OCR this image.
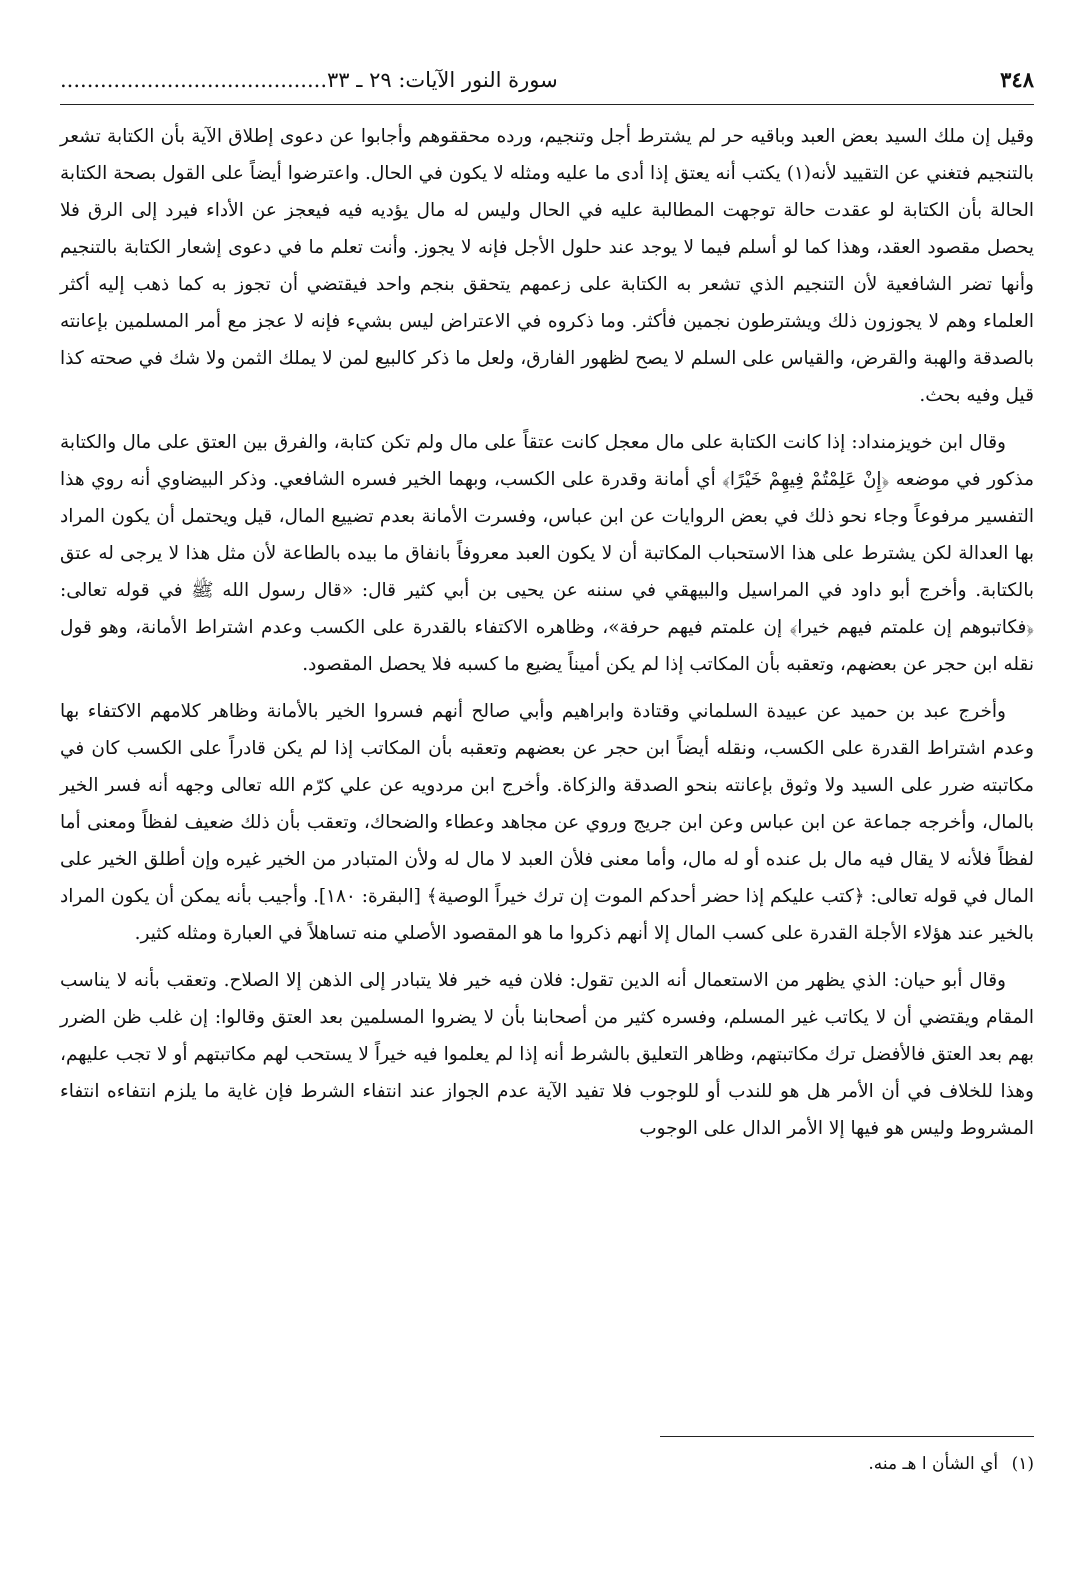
٣٤٨
سورة النور الآيات: ٢٩ ـ ٣٣........................................

وقيل إن ملك السيد بعض العبد وباقيه حر لم يشترط أجل وتنجيم، ورده محققوهم وأجابوا عن دعوى إطلاق الآية بأن الكتابة تشعر بالتنجيم فتغني عن التقييد لأنه(١) يكتب أنه يعتق إذا أدى ما عليه ومثله لا يكون في الحال. واعترضوا أيضاً على القول بصحة الكتابة الحالة بأن الكتابة لو عقدت حالة توجهت المطالبة عليه في الحال وليس له مال يؤديه فيه فيعجز عن الأداء فيرد إلى الرق فلا يحصل مقصود العقد، وهذا كما لو أسلم فيما لا يوجد عند حلول الأجل فإنه لا يجوز. وأنت تعلم ما في دعوى إشعار الكتابة بالتنجيم وأنها تضر الشافعية لأن التنجيم الذي تشعر به الكتابة على زعمهم يتحقق بنجم واحد فيقتضي أن تجوز به كما ذهب إليه أكثر العلماء وهم لا يجوزون ذلك ويشترطون نجمين فأكثر. وما ذكروه في الاعتراض ليس بشيء فإنه لا عجز مع أمر المسلمين بإعانته بالصدقة والهبة والقرض، والقياس على السلم لا يصح لظهور الفارق، ولعل ما ذكر كالبيع لمن لا يملك الثمن ولا شك في صحته كذا قيل وفيه بحث.

وقال ابن خويزمنداد: إذا كانت الكتابة على مال معجل كانت عتقاً على مال ولم تكن كتابة، والفرق بين العتق على مال والكتابة مذكور في موضعه ﴿إِنْ عَلِمْتُمْ فِيهِمْ خَيْرًا﴾ أي أمانة وقدرة على الكسب، وبهما الخير فسره الشافعي. وذكر البيضاوي أنه روي هذا التفسير مرفوعاً وجاء نحو ذلك في بعض الروايات عن ابن عباس، وفسرت الأمانة بعدم تضييع المال، قيل ويحتمل أن يكون المراد بها العدالة لكن يشترط على هذا الاستحباب المكاتبة أن لا يكون العبد معروفاً بانفاق ما بيده بالطاعة لأن مثل هذا لا يرجى له عتق بالكتابة. وأخرج أبو داود في المراسيل والبيهقي في سننه عن يحيى بن أبي كثير قال: «قال رسول الله ﷺ في قوله تعالى: ﴿فكاتبوهم إن علمتم فيهم خيرا﴾ إن علمتم فيهم حرفة»، وظاهره الاكتفاء بالقدرة على الكسب وعدم اشتراط الأمانة، وهو قول نقله ابن حجر عن بعضهم، وتعقبه بأن المكاتب إذا لم يكن أميناً يضيع ما كسبه فلا يحصل المقصود.

وأخرج عبد بن حميد عن عبيدة السلماني وقتادة وابراهيم وأبي صالح أنهم فسروا الخير بالأمانة وظاهر كلامهم الاكتفاء بها وعدم اشتراط القدرة على الكسب، ونقله أيضاً ابن حجر عن بعضهم وتعقبه بأن المكاتب إذا لم يكن قادراً على الكسب كان في مكاتبته ضرر على السيد ولا وثوق بإعانته بنحو الصدقة والزكاة. وأخرج ابن مردويه عن علي كرّم الله تعالى وجهه أنه فسر الخير بالمال، وأخرجه جماعة عن ابن عباس وعن ابن جريج وروي عن مجاهد وعطاء والضحاك، وتعقب بأن ذلك ضعيف لفظاً ومعنى أما لفظاً فلأنه لا يقال فيه مال بل عنده أو له مال، وأما معنى فلأن العبد لا مال له ولأن المتبادر من الخير غيره وإن أطلق الخير على المال في قوله تعالى: ﴿كتب عليكم إذا حضر أحدكم الموت إن ترك خيراً الوصية﴾ [البقرة: ١٨٠]. وأجيب بأنه يمكن أن يكون المراد بالخير عند هؤلاء الأجلة القدرة على كسب المال إلا أنهم ذكروا ما هو المقصود الأصلي منه تساهلاً في العبارة ومثله كثير.

وقال أبو حيان: الذي يظهر من الاستعمال أنه الدين تقول: فلان فيه خير فلا يتبادر إلى الذهن إلا الصلاح. وتعقب بأنه لا يناسب المقام ويقتضي أن لا يكاتب غير المسلم، وفسره كثير من أصحابنا بأن لا يضروا المسلمين بعد العتق وقالوا: إن غلب ظن الضرر بهم بعد العتق فالأفضل ترك مكاتبتهم، وظاهر التعليق بالشرط أنه إذا لم يعلموا فيه خيراً لا يستحب لهم مكاتبتهم أو لا تجب عليهم، وهذا للخلاف في أن الأمر هل هو للندب أو للوجوب فلا تفيد الآية عدم الجواز عند انتفاء الشرط فإن غاية ما يلزم انتفاءه انتفاء المشروط وليس هو فيها إلا الأمر الدال على الوجوب

(١) أي الشأن ا هـ منه.
